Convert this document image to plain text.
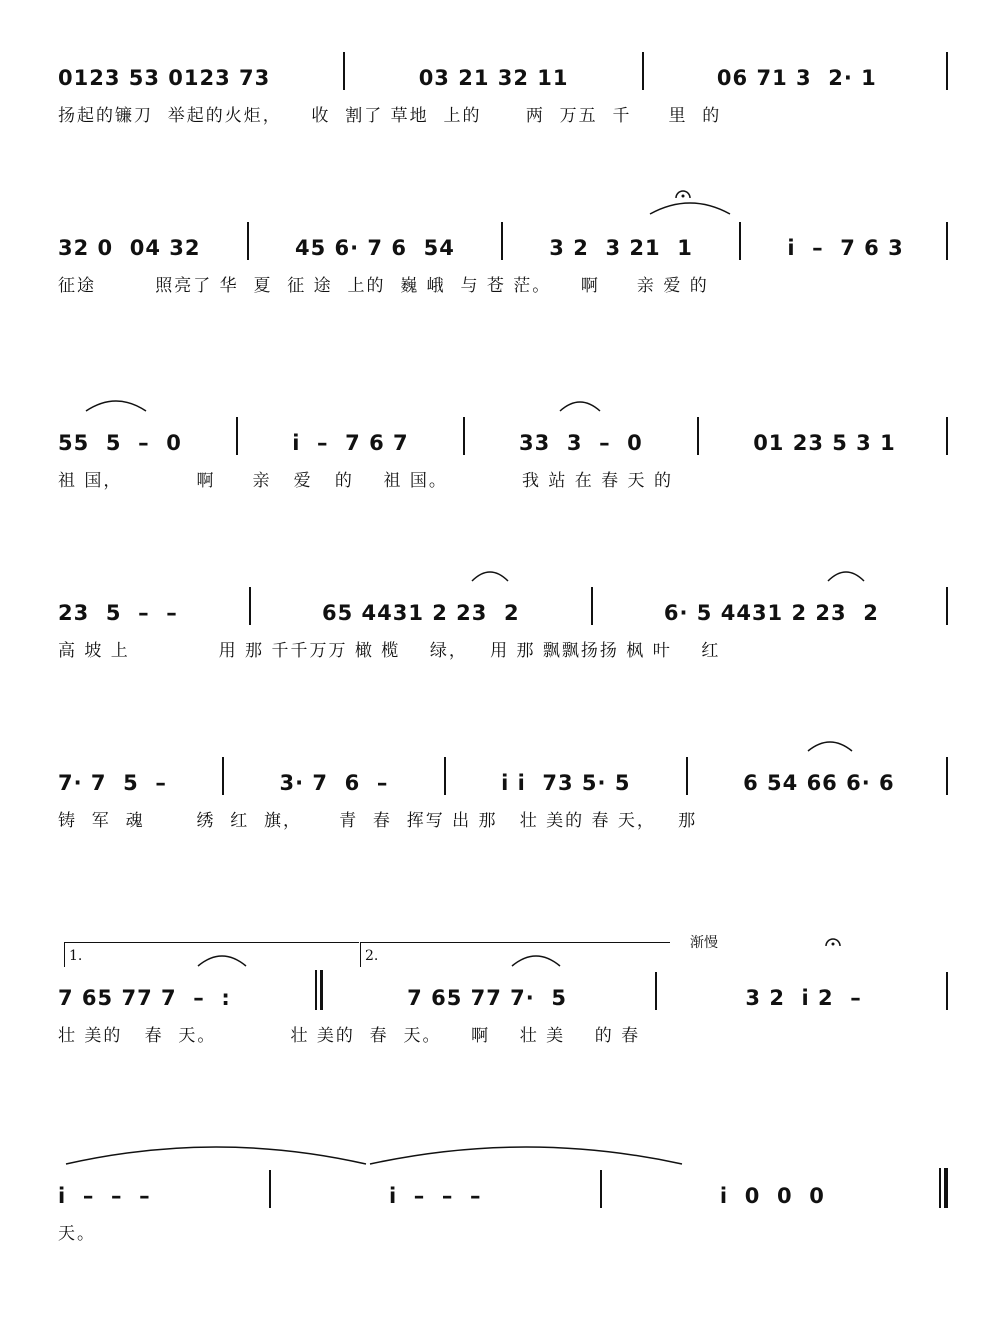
0123 53 0123 73	03 21 32 11	06 71 3  2· 1
扬起的镰刀  举起的火炬，    收  割了 草地  上的      两  万五  千     里  的
32 0  04 32	45 6· 7 6  54	3 2  3 21  1	i  –  7 6 3
征途        照亮了 华  夏  征 途  上的  巍 峨  与 苍 茫。    啊     亲 爱 的
55  5  –  0	i  –  7 6 7	33  3  –  0	01 23 5 3 1
祖 国，          啊     亲   爱   的    祖 国。          我 站 在 春 天 的
23  5  –  –	65 4431 2 23  2	6· 5 4431 2 23  2
高 坡 上            用 那 千千万万 橄 榄    绿，   用 那 飘飘扬扬 枫 叶    红
7· 7  5  –	3· 7  6  –	i i  73 5· 5	6 54 66 6· 6
铸  军  魂       绣  红  旗，     青  春  挥写 出 那   壮 美的 春 天，   那
1.	2.
渐慢
7 65 77 7  –  :	7 65 77 7·  5	3 2  i 2  –
壮 美的   春  天。          壮 美的  春  天。    啊    壮 美    的 春
i  –  –  –	i  –  –  –	i  0  0  0
天。
